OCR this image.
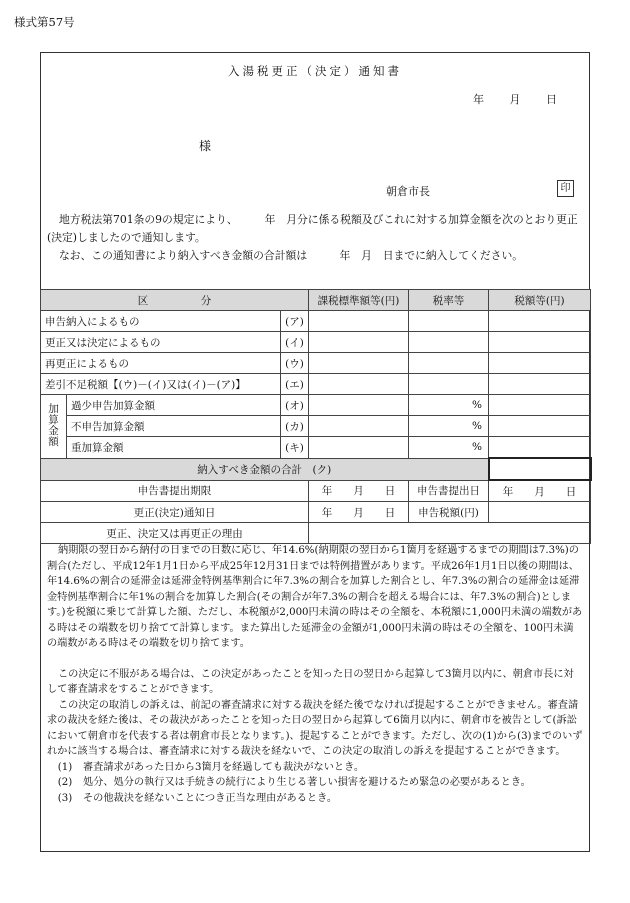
様式第57号
入湯税更正（決定）通知書
年 月 日
様
朝倉市長	印

地方税法第701条の9の規定により、　　　年　月分に係る税額及びこれに対する加算金額を次のとおり更正(決定)しましたので通知します。

なお、この通知書により納入すべき金額の合計額は　　　年　月　日までに納入してください。

区　　　　　分			課税標準額等(円)	税率等	税額等(円)
申告納入によるもの		(ア)			
更正又は決定によるもの		(イ)			
再更正によるもの		(ウ)			
差引不足税額【(ウ)－(イ)又は(イ)－(ア)】		(エ)			

加
算
金
額	過少申告加算金額	(オ)		%	
	不申告加算金額	(カ)		%	
	重加算金額	(キ)		%	
納入すべき金額の合計　(ク)					
申告書提出期限			年　　月　　日	申告書提出日	年　　月　　日
更正(決定)通知日			年　　月　　日	申告税額(円)	
更正、決定又は再更正の理由					

納期限の翌日から納付の日までの日数に応じ、年14.6%(納期限の翌日から1箇月を経過するまでの期間は7.3%)の割合(ただし、平成12年1月1日から平成25年12月31日までは特例措置があります。平成26年1月1日以後の期間は、年14.6%の割合の延滞金は延滞金特例基準割合に年7.3%の割合を加算した割合とし、年7.3%の割合の延滞金は延滞金特例基準割合に年1%の割合を加算した割合(その割合が年7.3%の割合を超える場合には、年7.3%の割合)とします。)を税額に乗じて計算した額、ただし、本税額が2,000円未満の時はその全額を、本税額に1,000円未満の端数がある時はその端数を切り捨てて計算します。また算出した延滞金の金額が1,000円未満の時はその全額を、100円未満の端数がある時はその端数を切り捨てます。

この決定に不服がある場合は、この決定があったことを知った日の翌日から起算して3箇月以内に、朝倉市長に対して審査請求をすることができます。

この決定の取消しの訴えは、前記の審査請求に対する裁決を経た後でなければ提起することができません。審査請求の裁決を経た後は、その裁決があったことを知った日の翌日から起算して6箇月以内に、朝倉市を被告として(訴訟において朝倉市を代表する者は朝倉市長となります。)、提起することができます。ただし、次の(1)から(3)までのいずれかに該当する場合は、審査請求に対する裁決を経ないで、この決定の取消しの訴えを提起することができます。

(1) 審査請求があった日から3箇月を経過しても裁決がないとき。
(2) 処分、処分の執行又は手続きの続行により生じる著しい損害を避けるため緊急の必要があるとき。
(3) その他裁決を経ないことにつき正当な理由があるとき。
